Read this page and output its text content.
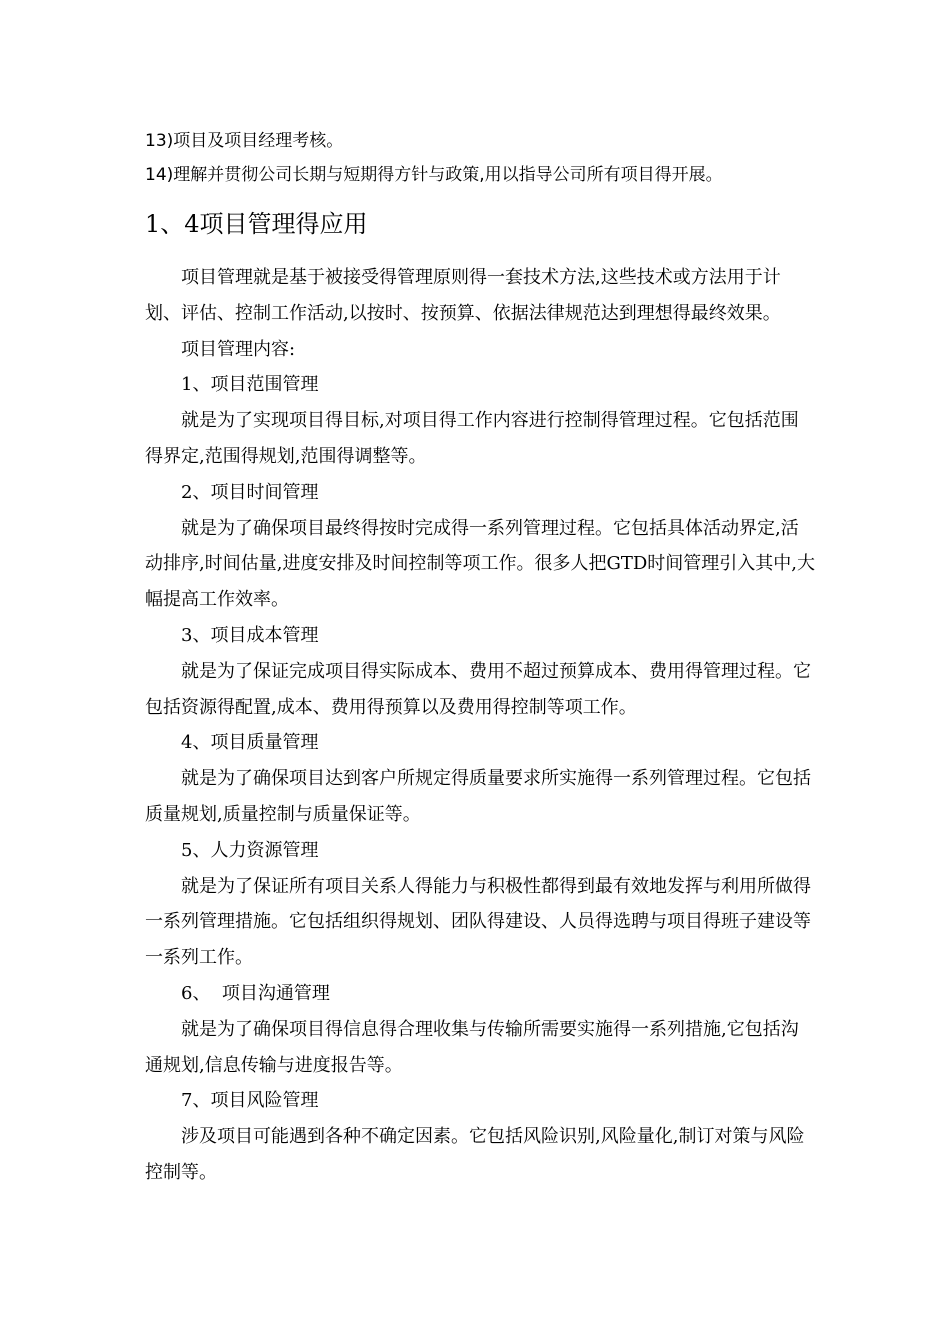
13)项目及项目经理考核。

14)理解并贯彻公司长期与短期得方针与政策,用以指导公司所有项目得开展。

1、4项目管理得应用

项目管理就是基于被接受得管理原则得一套技术方法,这些技术或方法用于计划、评估、控制工作活动,以按时、按预算、依据法律规范达到理想得最终效果。

项目管理内容:

1、项目范围管理

就是为了实现项目得目标,对项目得工作内容进行控制得管理过程。它包括范围得界定,范围得规划,范围得调整等。

2、项目时间管理

就是为了确保项目最终得按时完成得一系列管理过程。它包括具体活动界定,活动排序,时间估量,进度安排及时间控制等项工作。很多人把GTD时间管理引入其中,大幅提高工作效率。

3、项目成本管理

就是为了保证完成项目得实际成本、费用不超过预算成本、费用得管理过程。它包括资源得配置,成本、费用得预算以及费用得控制等项工作。

4、项目质量管理

就是为了确保项目达到客户所规定得质量要求所实施得一系列管理过程。它包括质量规划,质量控制与质量保证等。

5、人力资源管理

就是为了保证所有项目关系人得能力与积极性都得到最有效地发挥与利用所做得一系列管理措施。它包括组织得规划、团队得建设、人员得选聘与项目得班子建设等一系列工作。

6、  项目沟通管理

就是为了确保项目得信息得合理收集与传输所需要实施得一系列措施,它包括沟通规划,信息传输与进度报告等。

7、项目风险管理

涉及项目可能遇到各种不确定因素。它包括风险识别,风险量化,制订对策与风险控制等。
